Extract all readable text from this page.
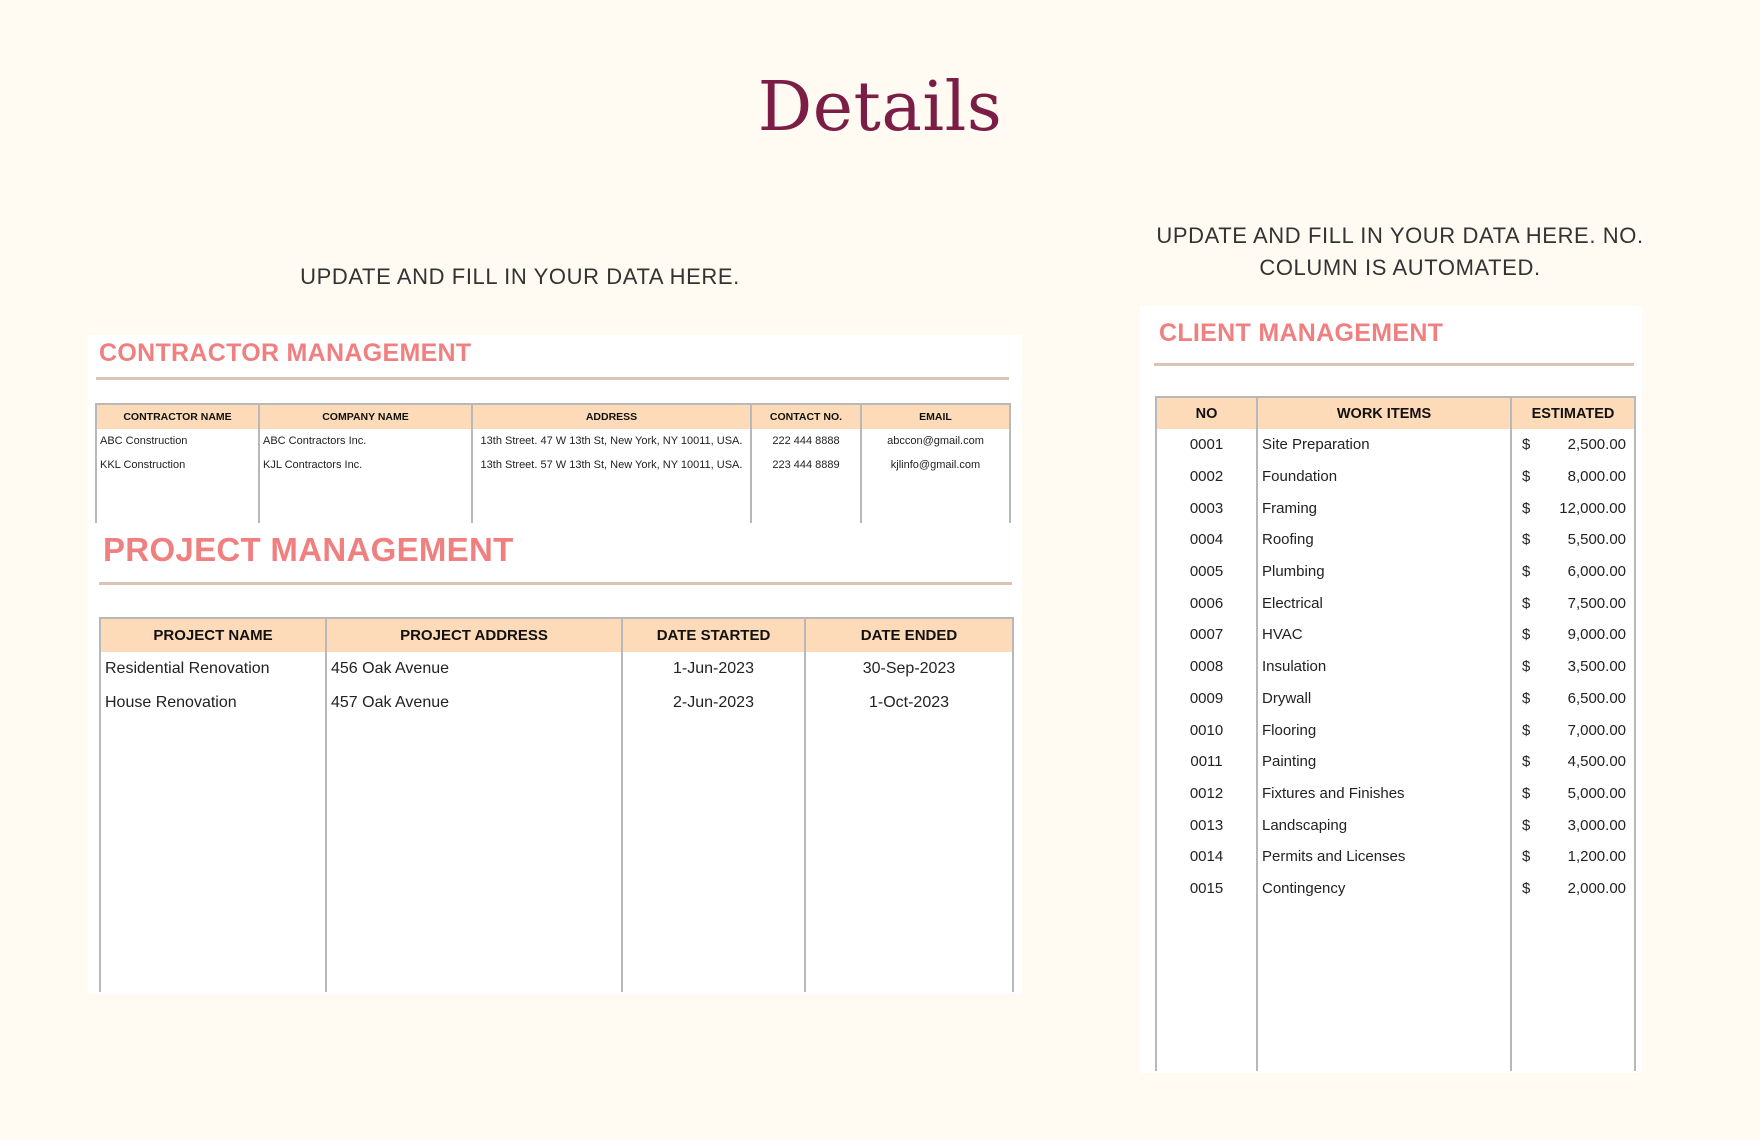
Details
UPDATE AND FILL IN YOUR DATA HERE.
UPDATE AND FILL IN YOUR DATA HERE. NO.
COLUMN IS AUTOMATED.
CONTRACTOR MANAGEMENT
CONTRACTOR NAME	COMPANY NAME	ADDRESS	CONTACT NO.	EMAIL
ABC Construction	ABC Contractors Inc.	13th Street. 47 W 13th St, New York, NY 10011, USA.	222 444 8888	abccon@gmail.com
KKL Construction	KJL Contractors Inc.	13th Street. 57 W 13th St, New York, NY 10011, USA.	223 444 8889	kjlinfo@gmail.com

PROJECT MANAGEMENT
PROJECT NAME	PROJECT ADDRESS	DATE STARTED	DATE ENDED
Residential Renovation	456 Oak Avenue	1-Jun-2023	30-Sep-2023
House Renovation	457 Oak Avenue	2-Jun-2023	1-Oct-2023

CLIENT MANAGEMENT
NO	WORK ITEMS	ESTIMATED
0001	Site Preparation	$ 2,500.00

0002	Foundation	$ 8,000.00

0003	Framing	$ 12,000.00

0004	Roofing	$ 5,500.00

0005	Plumbing	$ 6,000.00

0006	Electrical	$ 7,500.00

0007	HVAC	$ 9,000.00

0008	Insulation	$ 3,500.00

0009	Drywall	$ 6,500.00

0010	Flooring	$ 7,000.00

0011	Painting	$ 4,500.00

0012	Fixtures and Finishes	$ 5,000.00

0013	Landscaping	$ 3,000.00

0014	Permits and Licenses	$ 1,200.00

0015	Contingency	$ 2,000.00
